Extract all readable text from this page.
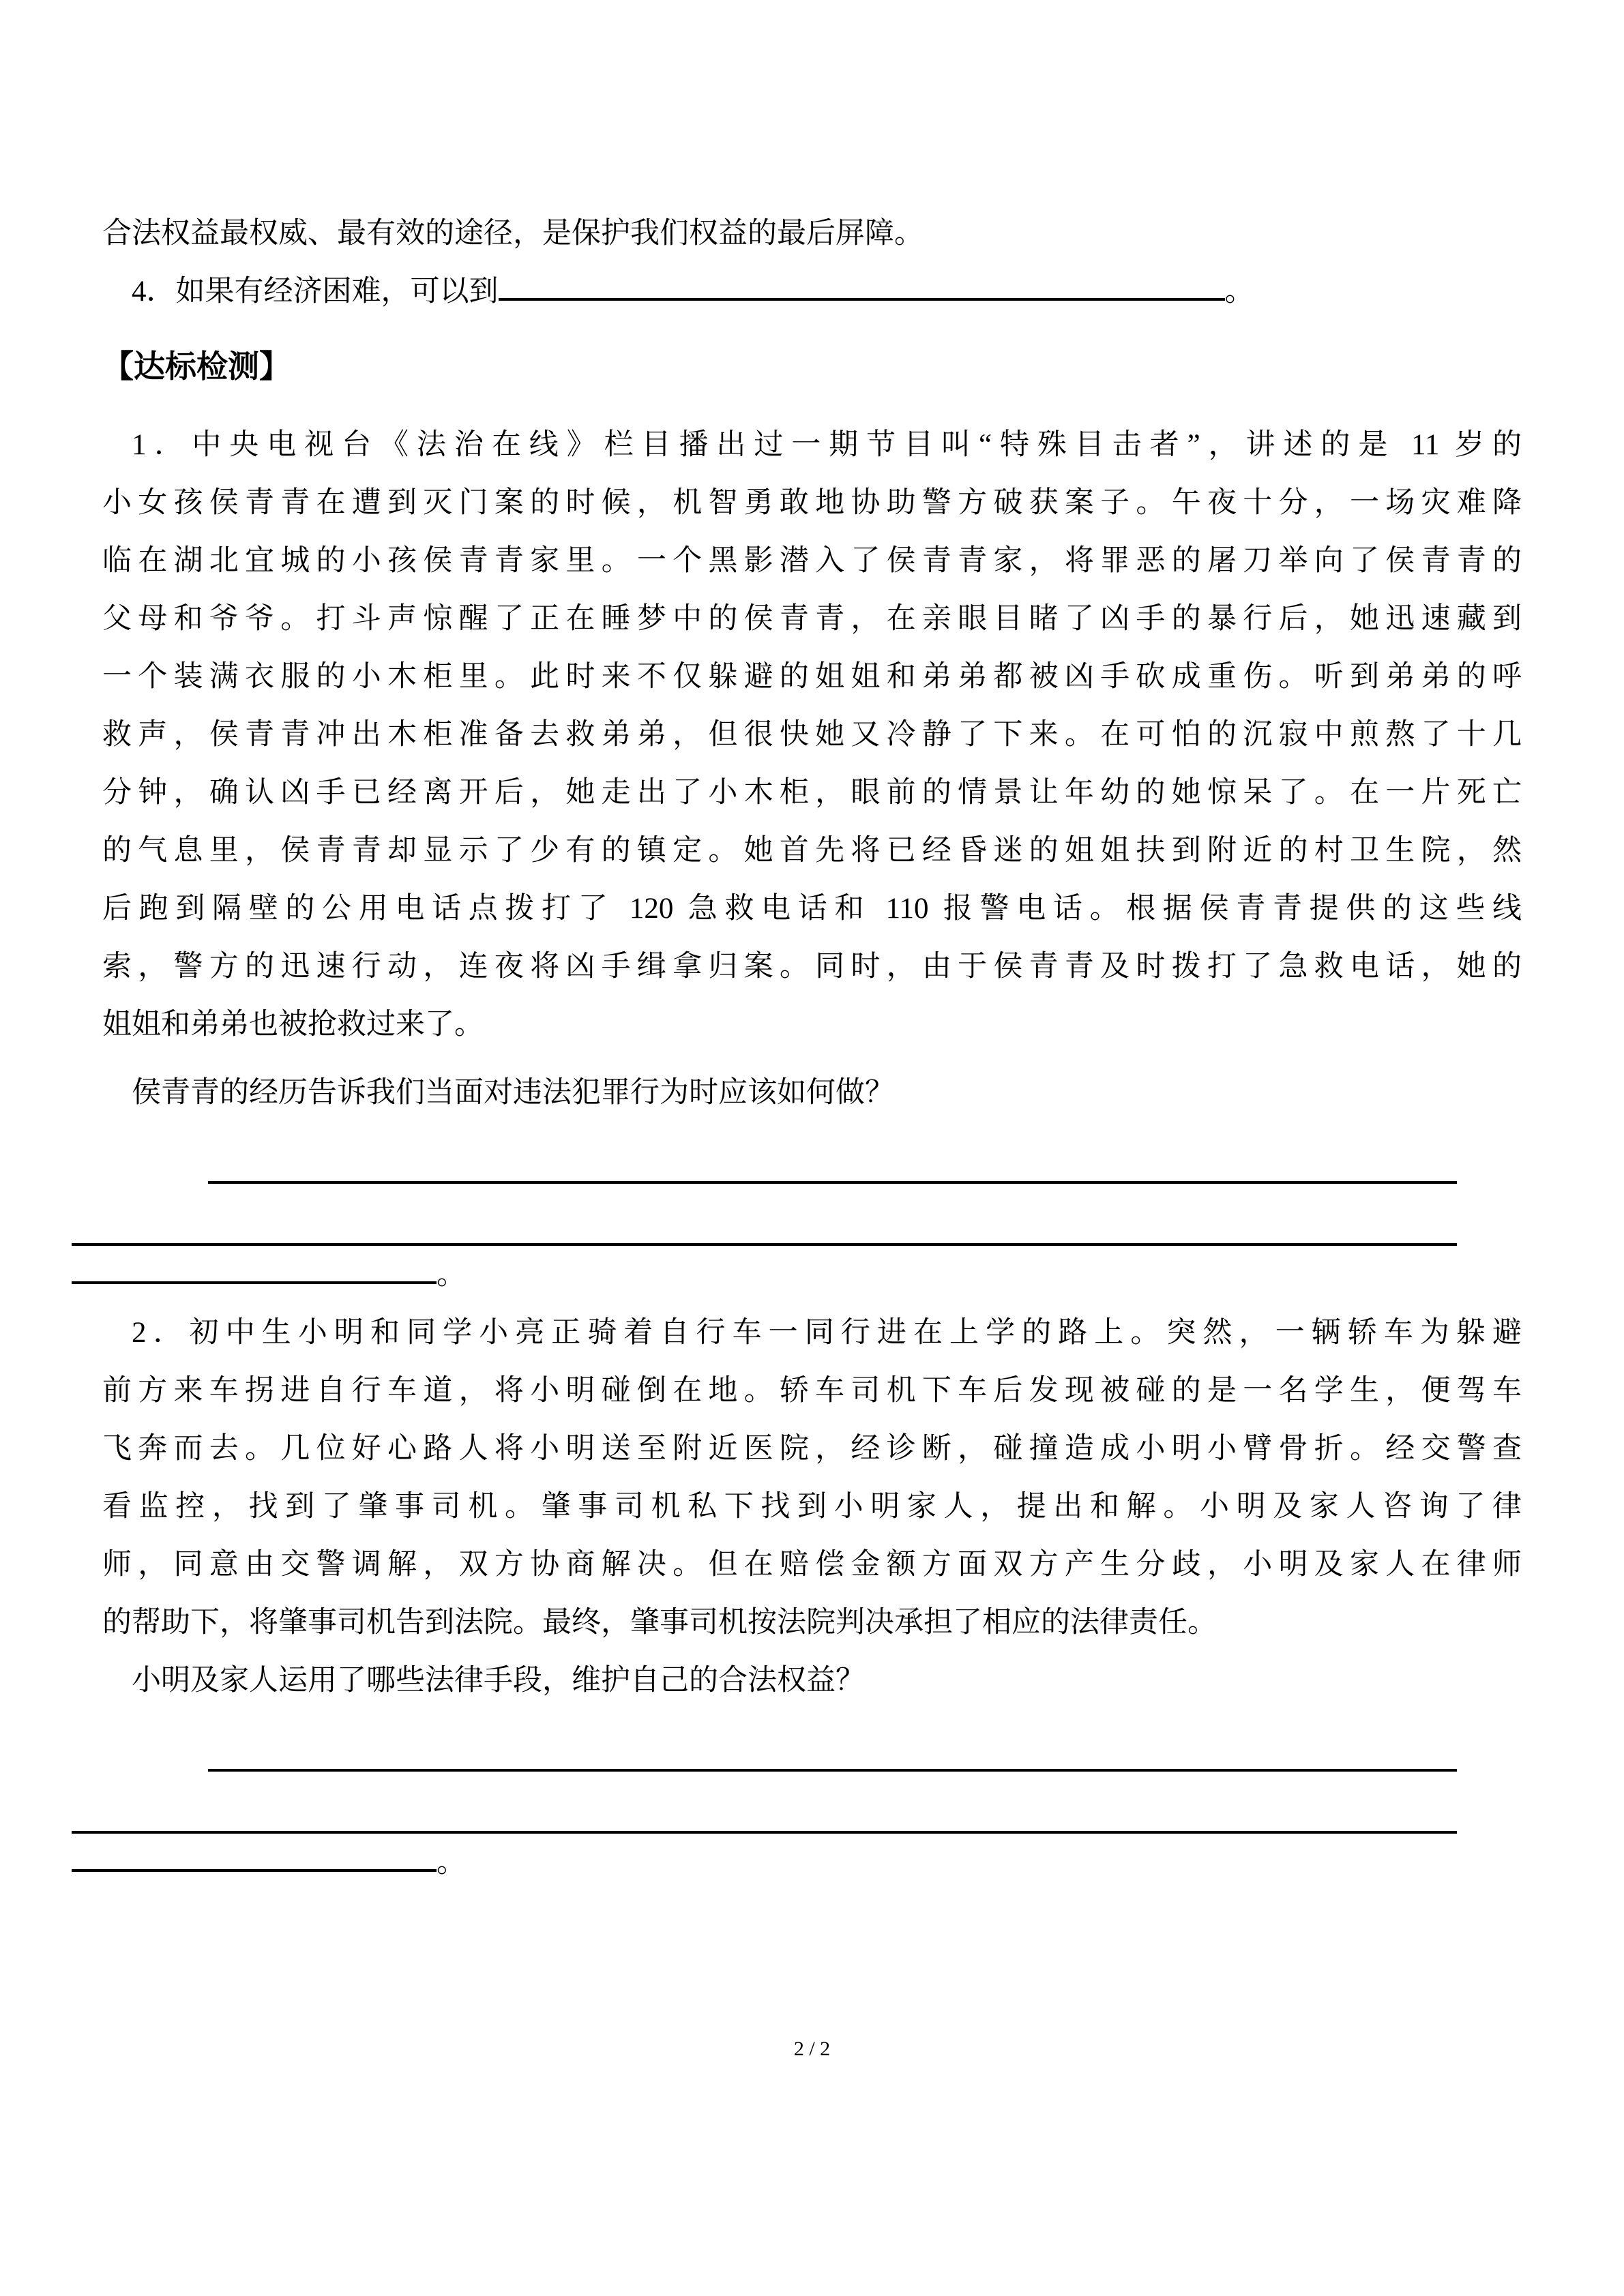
合法权益最权威、最有效的途径，是保护我们权益的最后屏障。

4．如果有经济困难，可以到	。

【达标检测】
1．中央电视台《法治在线》栏目播出过一期节目叫“特殊目击者”，讲述的是 11 岁的
小女孩侯青青在遭到灭门案的时候，机智勇敢地协助警方破获案子。午夜十分，一场灾难降
临在湖北宜城的小孩侯青青家里。一个黑影潜入了侯青青家，将罪恶的屠刀举向了侯青青的
父母和爷爷。打斗声惊醒了正在睡梦中的侯青青，在亲眼目睹了凶手的暴行后，她迅速藏到
一个装满衣服的小木柜里。此时来不仅躲避的姐姐和弟弟都被凶手砍成重伤。听到弟弟的呼
救声，侯青青冲出木柜准备去救弟弟，但很快她又冷静了下来。在可怕的沉寂中煎熬了十几
分钟，确认凶手已经离开后，她走出了小木柜，眼前的情景让年幼的她惊呆了。在一片死亡
的气息里，侯青青却显示了少有的镇定。她首先将已经昏迷的姐姐扶到附近的村卫生院，然
后跑到隔壁的公用电话点拨打了 120 急救电话和 110 报警电话。根据侯青青提供的这些线
索，警方的迅速行动，连夜将凶手缉拿归案。同时，由于侯青青及时拨打了急救电话，她的
姐姐和弟弟也被抢救过来了。
侯青青的经历告诉我们当面对违法犯罪行为时应该如何做？
。
2．初中生小明和同学小亮正骑着自行车一同行进在上学的路上。突然，一辆轿车为躲避
前方来车拐进自行车道，将小明碰倒在地。轿车司机下车后发现被碰的是一名学生，便驾车
飞奔而去。几位好心路人将小明送至附近医院，经诊断，碰撞造成小明小臂骨折。经交警查
看监控，找到了肇事司机。肇事司机私下找到小明家人，提出和解。小明及家人咨询了律
师，同意由交警调解，双方协商解决。但在赔偿金额方面双方产生分歧，小明及家人在律师
的帮助下，将肇事司机告到法院。最终，肇事司机按法院判决承担了相应的法律责任。
小明及家人运用了哪些法律手段，维护自己的合法权益？
。
2 / 2
